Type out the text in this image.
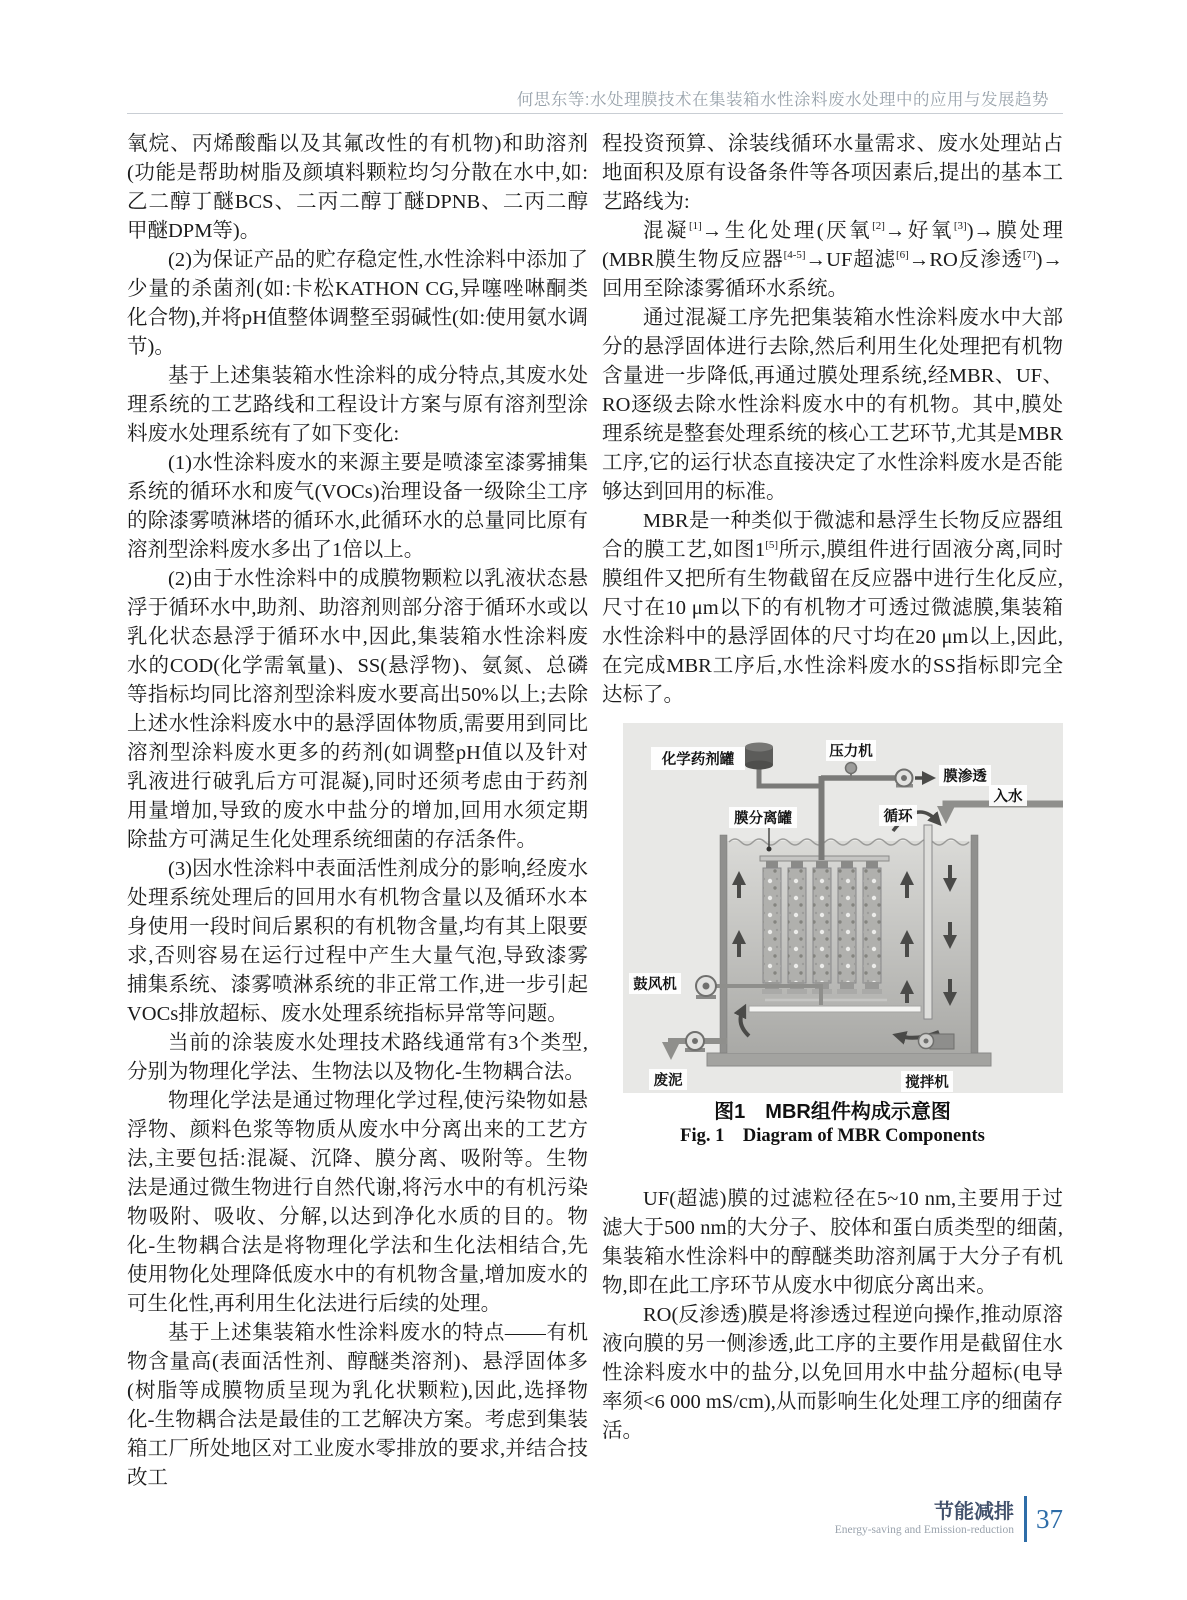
何思东等:水处理膜技术在集装箱水性涂料废水处理中的应用与发展趋势

氧烷、丙烯酸酯以及其氟改性的有机物)和助溶剂(功能是帮助树脂及颜填料颗粒均匀分散在水中,如:乙二醇丁醚BCS、二丙二醇丁醚DPNB、二丙二醇甲醚DPM等)。

(2)为保证产品的贮存稳定性,水性涂料中添加了少量的杀菌剂(如:卡松KATHON CG,异噻唑啉酮类化合物),并将pH值整体调整至弱碱性(如:使用氨水调节)。

基于上述集装箱水性涂料的成分特点,其废水处理系统的工艺路线和工程设计方案与原有溶剂型涂料废水处理系统有了如下变化:

(1)水性涂料废水的来源主要是喷漆室漆雾捕集系统的循环水和废气(VOCs)治理设备一级除尘工序的除漆雾喷淋塔的循环水,此循环水的总量同比原有溶剂型涂料废水多出了1倍以上。

(2)由于水性涂料中的成膜物颗粒以乳液状态悬浮于循环水中,助剂、助溶剂则部分溶于循环水或以乳化状态悬浮于循环水中,因此,集装箱水性涂料废水的COD(化学需氧量)、SS(悬浮物)、氨氮、总磷等指标均同比溶剂型涂料废水要高出50%以上;去除上述水性涂料废水中的悬浮固体物质,需要用到同比溶剂型涂料废水更多的药剂(如调整pH值以及针对乳液进行破乳后方可混凝),同时还须考虑由于药剂用量增加,导致的废水中盐分的增加,回用水须定期除盐方可满足生化处理系统细菌的存活条件。

(3)因水性涂料中表面活性剂成分的影响,经废水处理系统处理后的回用水有机物含量以及循环水本身使用一段时间后累积的有机物含量,均有其上限要求,否则容易在运行过程中产生大量气泡,导致漆雾捕集系统、漆雾喷淋系统的非正常工作,进一步引起VOCs排放超标、废水处理系统指标异常等问题。

当前的涂装废水处理技术路线通常有3个类型,分别为物理化学法、生物法以及物化-生物耦合法。

物理化学法是通过物理化学过程,使污染物如悬浮物、颜料色浆等物质从废水中分离出来的工艺方法,主要包括:混凝、沉降、膜分离、吸附等。生物法是通过微生物进行自然代谢,将污水中的有机污染物吸附、吸收、分解,以达到净化水质的目的。物化-生物耦合法是将物理化学法和生化法相结合,先使用物化处理降低废水中的有机物含量,增加废水的可生化性,再利用生化法进行后续的处理。

基于上述集装箱水性涂料废水的特点——有机物含量高(表面活性剂、醇醚类溶剂)、悬浮固体多(树脂等成膜物质呈现为乳化状颗粒),因此,选择物化-生物耦合法是最佳的工艺解决方案。考虑到集装箱工厂所处地区对工业废水零排放的要求,并结合技改工

程投资预算、涂装线循环水量需求、废水处理站占地面积及原有设备条件等各项因素后,提出的基本工艺路线为:

混凝[1]→生化处理(厌氧[2]→好氧[3])→膜处理(MBR膜生物反应器[4-5]→UF超滤[6]→RO反渗透[7])→回用至除漆雾循环水系统。

通过混凝工序先把集装箱水性涂料废水中大部分的悬浮固体进行去除,然后利用生化处理把有机物含量进一步降低,再通过膜处理系统,经MBR、UF、RO逐级去除水性涂料废水中的有机物。其中,膜处理系统是整套处理系统的核心工艺环节,尤其是MBR工序,它的运行状态直接决定了水性涂料废水是否能够达到回用的标准。

MBR是一种类似于微滤和悬浮生长物反应器组合的膜工艺,如图1[5]所示,膜组件进行固液分离,同时膜组件又把所有生物截留在反应器中进行生化反应,尺寸在10 μm以下的有机物才可透过微滤膜,集装箱水性涂料中的悬浮固体的尺寸均在20 μm以上,因此,在完成MBR工序后,水性涂料废水的SS指标即完全达标了。

化学药剂罐	压力机
膜渗透
入水
膜分离罐	循环
鼓风机
废泥	搅拌机
图1　MBR组件构成示意图
Fig. 1　Diagram of MBR Components

UF(超滤)膜的过滤粒径在5~10 nm,主要用于过滤大于500 nm的大分子、胶体和蛋白质类型的细菌,集装箱水性涂料中的醇醚类助溶剂属于大分子有机物,即在此工序环节从废水中彻底分离出来。

RO(反渗透)膜是将渗透过程逆向操作,推动原溶液向膜的另一侧渗透,此工序的主要作用是截留住水性涂料废水中的盐分,以免回用水中盐分超标(电导率须<6 000 mS/cm),从而影响生化处理工序的细菌存活。

节能减排
Energy-saving and Emission-reduction 37
